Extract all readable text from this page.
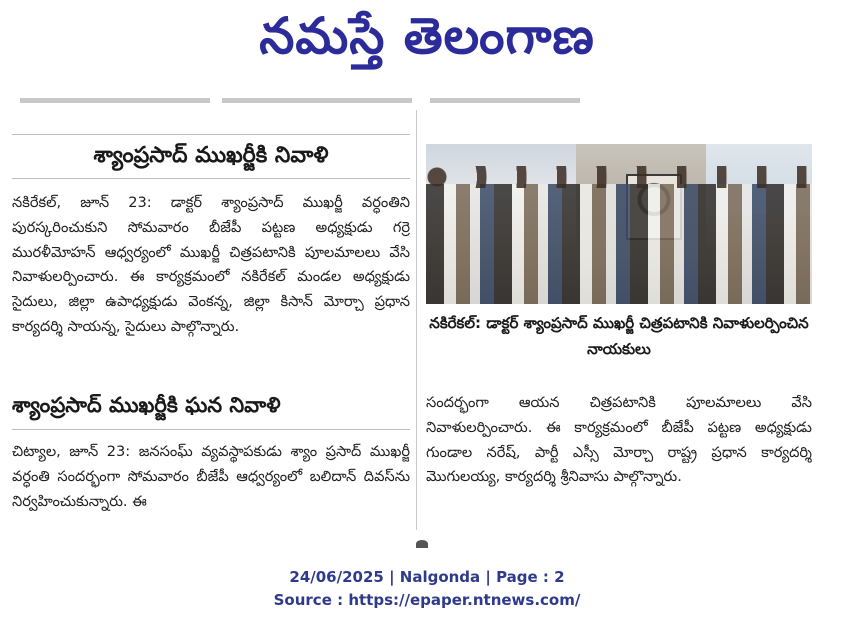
నమస్తే తెలంగాణ
శ్యాంప్రసాద్ ముఖర్జీకి నివాళి
నకిరేకల్, జూన్ 23: డాక్టర్ శ్యాంప్రసాద్ ముఖర్జీ వర్ధంతిని పురస్కరించుకుని సోమవారం బీజేపీ పట్టణ అధ్యక్షుడు గర్రె మురళీమోహన్ ఆధ్వర్యంలో ముఖర్జీ చిత్రపటానికి పూలమాలలు వేసి నివాళులర్పించారు. ఈ కార్యక్రమంలో నకిరేకల్ మండల అధ్యక్షుడు సైదులు, జిల్లా ఉపాధ్యక్షుడు వెంకన్న, జిల్లా కిసాన్ మోర్చా ప్రధాన కార్యదర్శి సాయన్న, సైదులు పాల్గొన్నారు.
శ్యాంప్రసాద్ ముఖర్జీకి ఘన నివాళి
చిట్యాల, జూన్ 23: జనసంఘ్ వ్యవస్థాపకుడు శ్యాం ప్రసాద్ ముఖర్జీ వర్ధంతి సందర్భంగా సోమవారం బీజేపీ ఆధ్వర్యంలో బలిదాన్ దివస్‌ను నిర్వహించుకున్నారు. ఈ
నకిరేకల్: డాక్టర్ శ్యాంప్రసాద్ ముఖర్జీ చిత్రపటానికి నివాళులర్పించిన నాయకులు
సందర్భంగా ఆయన చిత్రపటానికి పూలమాలలు వేసి నివాళులర్పించారు. ఈ కార్యక్రమంలో బీజేపీ పట్టణ అధ్యక్షుడు గుండాల నరేష్, పార్టీ ఎస్సీ మోర్చా రాష్ట్ర ప్రధాన కార్యదర్శి మొగులయ్య, కార్యదర్శి శ్రీనివాసు పాల్గొన్నారు.
24/06/2025 | Nalgonda | Page : 2
Source : https://epaper.ntnews.com/
